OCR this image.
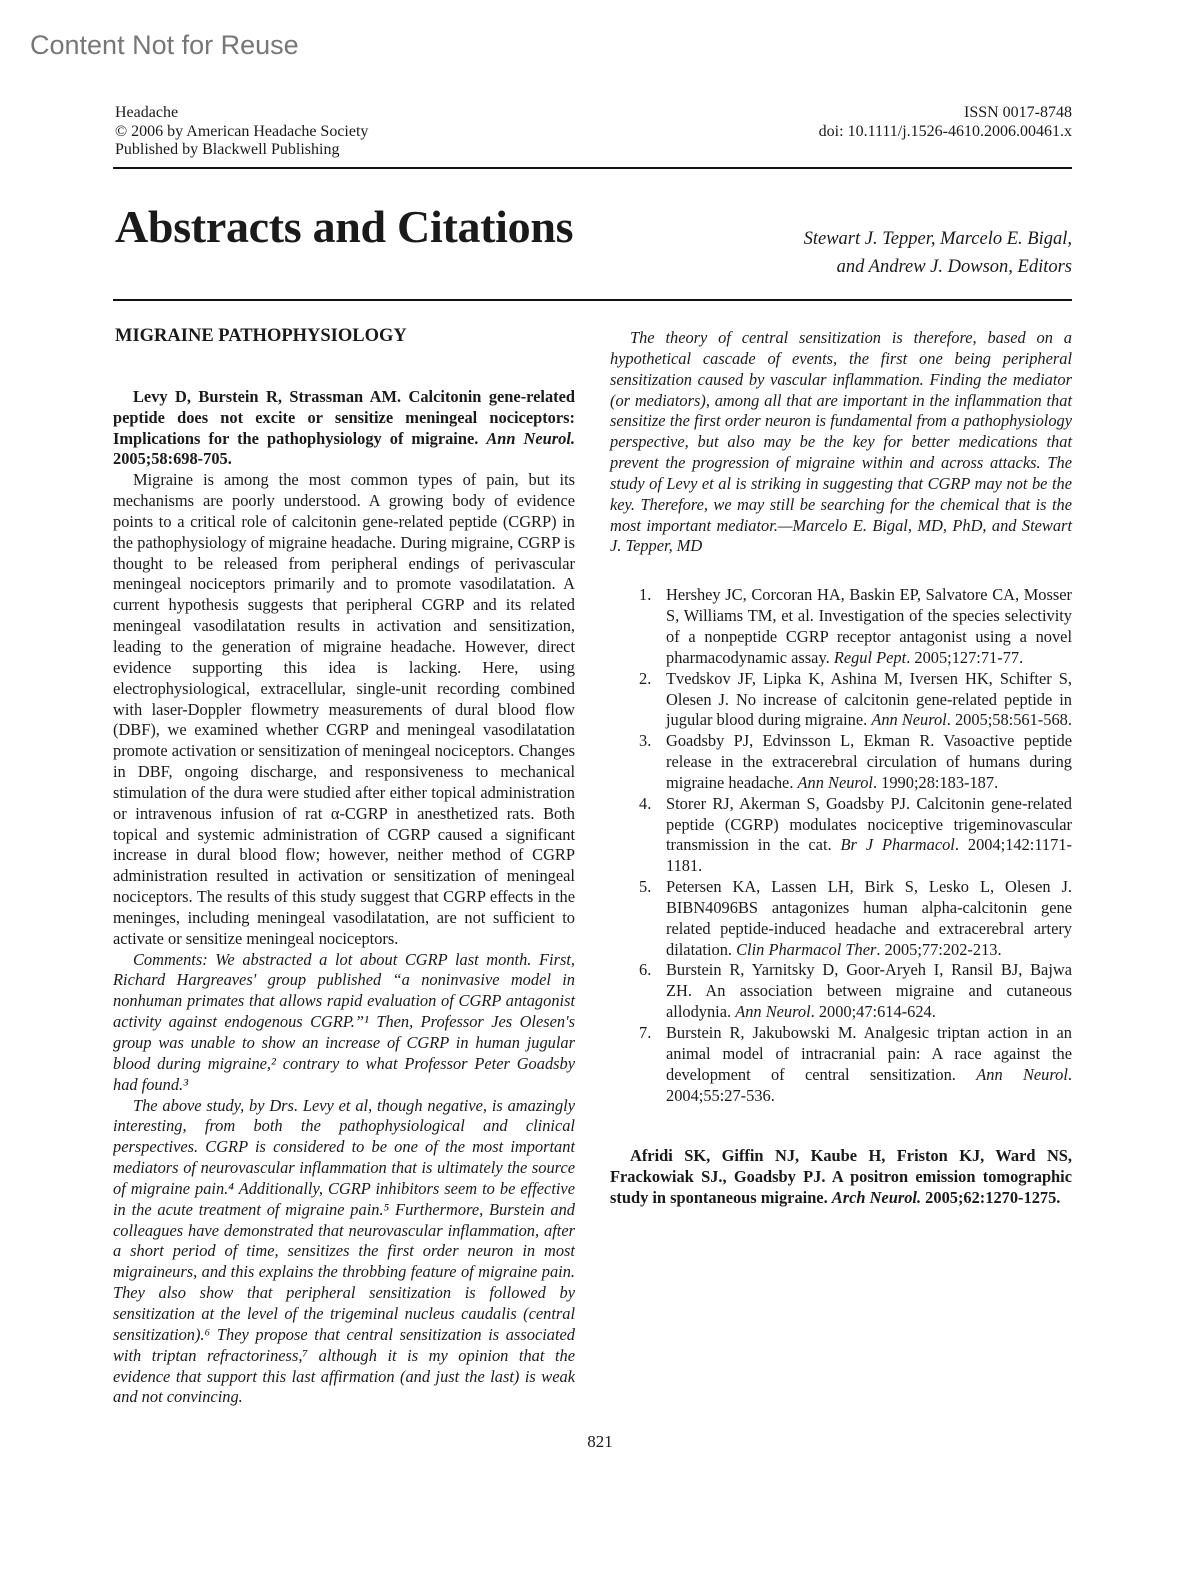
Content Not for Reuse
Headache
© 2006 by American Headache Society
Published by Blackwell Publishing
ISSN 0017-8748
doi: 10.1111/j.1526-4610.2006.00461.x
Abstracts and Citations	Stewart J. Tepper, Marcelo E. Bigal,
and Andrew J. Dowson, Editors
MIGRAINE PATHOPHYSIOLOGY

Levy D, Burstein R, Strassman AM. Calcitonin gene-related peptide does not excite or sensitize meningeal nociceptors: Implications for the pathophysiology of migraine. Ann Neurol. 2005;58:698-705.

Migraine is among the most common types of pain, but its mechanisms are poorly understood. A growing body of evidence points to a critical role of calcitonin gene-related peptide (CGRP) in the pathophysiology of migraine headache. During migraine, CGRP is thought to be released from peripheral endings of perivascular meningeal nociceptors primarily and to promote vasodilatation. A current hypothesis suggests that peripheral CGRP and its related meningeal vasodilatation results in activation and sensitization, leading to the generation of migraine headache. However, direct evidence supporting this idea is lacking. Here, using electrophysiological, extracellular, single-unit recording combined with laser-Doppler flowmetry measurements of dural blood flow (DBF), we examined whether CGRP and meningeal vasodilatation promote activation or sensitization of meningeal nociceptors. Changes in DBF, ongoing discharge, and responsiveness to mechanical stimulation of the dura were studied after either topical administration or intravenous infusion of rat α-CGRP in anesthetized rats. Both topical and systemic administration of CGRP caused a significant increase in dural blood flow; however, neither method of CGRP administration resulted in activation or sensitization of meningeal nociceptors. The results of this study suggest that CGRP effects in the meninges, including meningeal vasodilatation, are not sufficient to activate or sensitize meningeal nociceptors.

Comments: We abstracted a lot about CGRP last month. First, Richard Hargreaves' group published “a noninvasive model in nonhuman primates that allows rapid evaluation of CGRP antagonist activity against endogenous CGRP.”¹ Then, Professor Jes Olesen's group was unable to show an increase of CGRP in human jugular blood during migraine,² contrary to what Professor Peter Goadsby had found.³

The above study, by Drs. Levy et al, though negative, is amazingly interesting, from both the pathophysiological and clinical perspectives. CGRP is considered to be one of the most important mediators of neurovascular inflammation that is ultimately the source of migraine pain.⁴ Additionally, CGRP inhibitors seem to be effective in the acute treatment of migraine pain.⁵ Furthermore, Burstein and colleagues have demonstrated that neurovascular inflammation, after a short period of time, sensitizes the first order neuron in most migraineurs, and this explains the throbbing feature of migraine pain. They also show that peripheral sensitization is followed by sensitization at the level of the trigeminal nucleus caudalis (central sensitization).⁶ They propose that central sensitization is associated with triptan refractoriness,⁷ although it is my opinion that the evidence that support this last affirmation (and just the last) is weak and not convincing.

The theory of central sensitization is therefore, based on a hypothetical cascade of events, the first one being peripheral sensitization caused by vascular inflammation. Finding the mediator (or mediators), among all that are important in the inflammation that sensitize the first order neuron is fundamental from a pathophysiology perspective, but also may be the key for better medications that prevent the progression of migraine within and across attacks. The study of Levy et al is striking in suggesting that CGRP may not be the key. Therefore, we may still be searching for the chemical that is the most important mediator.—Marcelo E. Bigal, MD, PhD, and Stewart J. Tepper, MD

1. Hershey JC, Corcoran HA, Baskin EP, Salvatore CA, Mosser S, Williams TM, et al. Investigation of the species selectivity of a nonpeptide CGRP receptor antagonist using a novel pharmacodynamic assay. Regul Pept. 2005;127:71-77.
2. Tvedskov JF, Lipka K, Ashina M, Iversen HK, Schifter S, Olesen J. No increase of calcitonin gene-related peptide in jugular blood during migraine. Ann Neurol. 2005;58:561-568.
3. Goadsby PJ, Edvinsson L, Ekman R. Vasoactive peptide release in the extracerebral circulation of humans during migraine headache. Ann Neurol. 1990;28:183-187.
4. Storer RJ, Akerman S, Goadsby PJ. Calcitonin gene-related peptide (CGRP) modulates nociceptive trigeminovascular transmission in the cat. Br J Pharmacol. 2004;142:1171-1181.
5. Petersen KA, Lassen LH, Birk S, Lesko L, Olesen J. BIBN4096BS antagonizes human alpha-calcitonin gene related peptide-induced headache and extracerebral artery dilatation. Clin Pharmacol Ther. 2005;77:202-213.
6. Burstein R, Yarnitsky D, Goor-Aryeh I, Ransil BJ, Bajwa ZH. An association between migraine and cutaneous allodynia. Ann Neurol. 2000;47:614-624.
7. Burstein R, Jakubowski M. Analgesic triptan action in an animal model of intracranial pain: A race against the development of central sensitization. Ann Neurol. 2004;55:27-536.

Afridi SK, Giffin NJ, Kaube H, Friston KJ, Ward NS, Frackowiak SJ., Goadsby PJ. A positron emission tomographic study in spontaneous migraine. Arch Neurol. 2005;62:1270-1275.

821
